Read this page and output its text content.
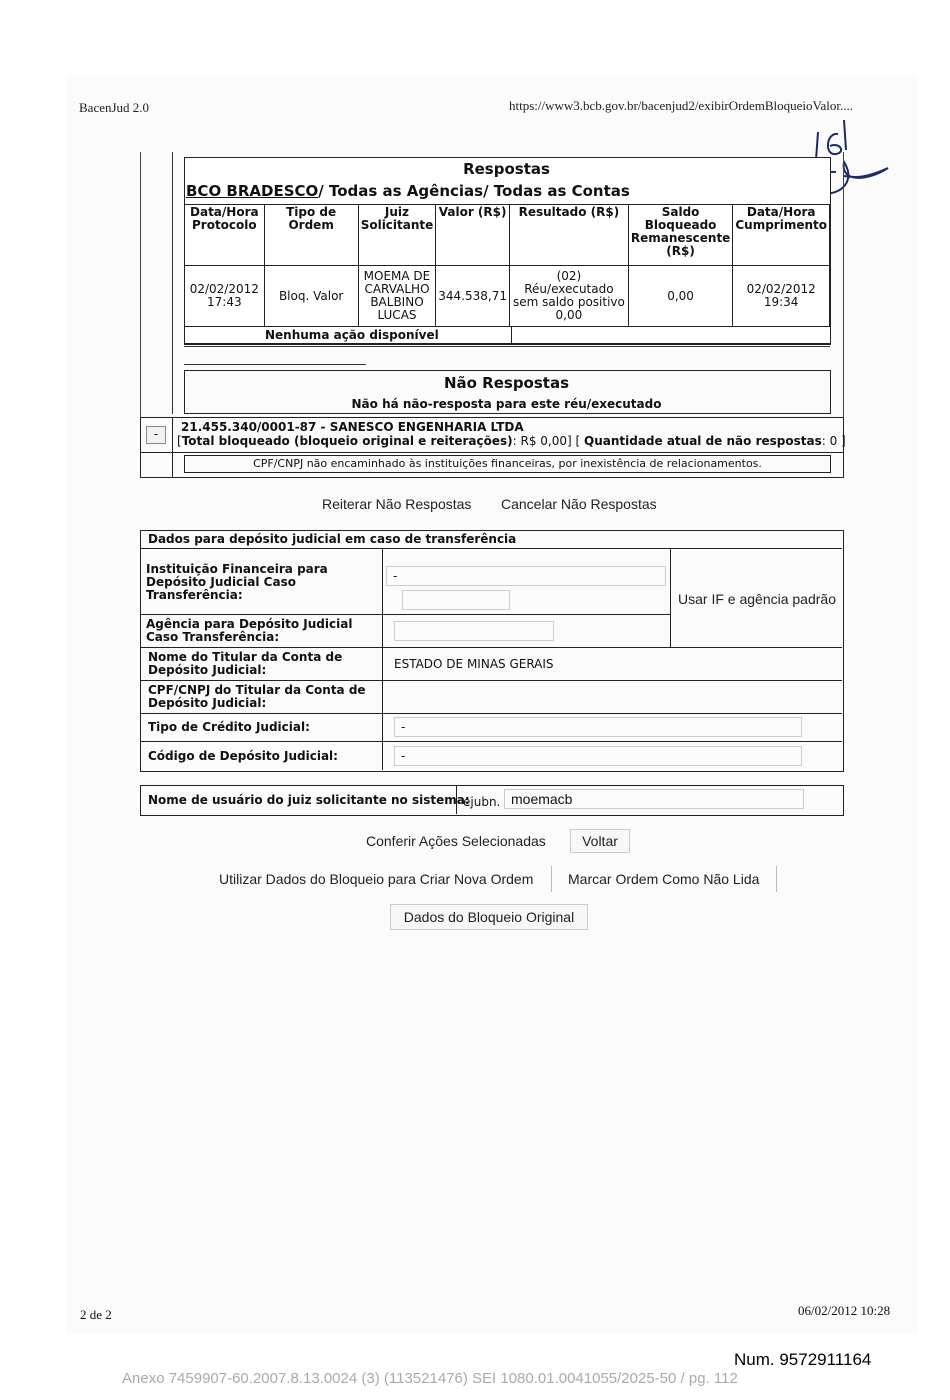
BacenJud 2.0	https://www3.bcb.gov.br/bacenjud2/exibirOrdemBloqueioValor....
Respostas
BCO BRADESCO/ Todas as Agências/ Todas as Contas
Data/Hora Protocolo	Tipo de Ordem	Juiz Solicitante	Valor (R$)	Resultado (R$)	Saldo Bloqueado Remanescente (R$)	Data/Hora Cumprimento
02/02/2012 17:43	Bloq. Valor	MOEMA DE CARVALHO BALBINO LUCAS	344.538,71	(02) Réu/executado sem saldo positivo 0,00	0,00	02/02/2012 19:34
Nenhuma ação disponível
Não Respostas
Não há não-resposta para este réu/executado
-	21.455.340/0001-87 - SANESCO ENGENHARIA LTDA
[Total bloqueado (bloqueio original e reiterações): R$ 0,00] [ Quantidade atual de não respostas: 0 ]
CPF/CNPJ não encaminhado às instituições financeiras, por inexistência de relacionamentos.
Reiterar Não Respostas Cancelar Não Respostas
Dados para depósito judicial em caso de transferência
Instituição Financeira para Depósito Judicial Caso Transferência:
-
Usar IF e agência padrão
Agência para Depósito Judicial Caso Transferência:
Nome do Titular da Conta de Depósito Judicial:	ESTADO DE MINAS GERAIS
CPF/CNPJ do Titular da Conta de Depósito Judicial:
Tipo de Crédito Judicial:	-
Código de Depósito Judicial:	-
Nome de usuário do juiz solicitante no sistema:
ejubn. moemacb
Conferir Ações Selecionadas	Voltar
Utilizar Dados do Bloqueio para Criar Nova Ordem Marcar Ordem Como Não Lida
Dados do Bloqueio Original
2 de 2	06/02/2012 10:28
Num. 9572911164
Anexo 7459907-60.2007.8.13.0024 (3) (113521476) SEI 1080.01.0041055/2025-50 / pg. 112
